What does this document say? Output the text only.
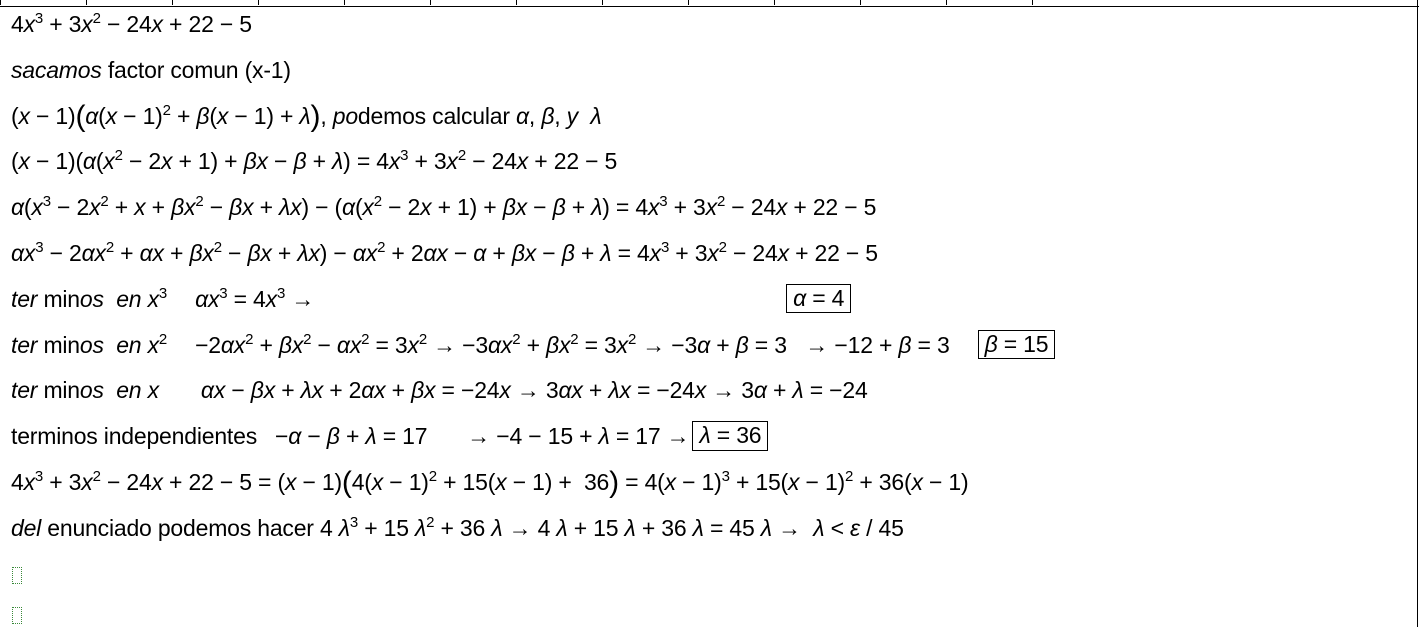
$4x^3 + 3x^2 - 24x + 22 - 5$
sacamos factor comun (x-1)
$(x - 1)(\alpha(x - 1)^2 + \beta(x - 1) + \lambda)$, podemos calcular α, β, y λ
$(x - 1)(\alpha(x^2 - 2x + 1) + \beta x - \beta + \lambda) = 4x^3 + 3x^2 - 24x + 22 - 5$
$\alpha(x^3 - 2x^2 + x + \beta x^2 - \beta x + \lambda x) - (\alpha(x^2 - 2x + 1) + \beta x - \beta + \lambda) = 4x^3 + 3x^2 - 24x + 22 - 5$
$\alpha x^3 - 2\alpha x^2 + \alpha x + \beta x^2 - \beta x + \lambda x) - \alpha x^2 + 2\alpha x - \alpha + \beta x - \beta + \lambda = 4x^3 + 3x^2 - 24x + 22 - 5$
ter minos en $x^3$ $\alpha x^3 = 4x^3$ →	α = 4
ter minos en $x^2 -2\alpha x^2 + \beta x^2 - \alpha x^2 = 3x^2 \to -3\alpha x^2 + \beta x^2 = 3x^2 \to -3\alpha + \beta = 3 \to -12 + \beta = 3$	β = 15
ter minos en x αx − βx + λx + 2αx + βx = −24x → 3αx + λx = −24x → 3α + λ = −24
terminos independientes −α − β + λ = 17 → −4 − 15 + λ = 17 → λ = 36
$4x^3 + 3x^2 - 24x + 22 - 5 = (x - 1)(4(x - 1)^2 + 15(x - 1) + 36) = 4(x - 1)^3 + 15(x - 1)^2 + 36(x - 1)$
del enunciado podemos hacer 4 $\lambda^3 + 15$ $\lambda^2 + 36$ λ → 4 λ + 15 λ + 36 λ = 45 λ →  λ < ε / 45
